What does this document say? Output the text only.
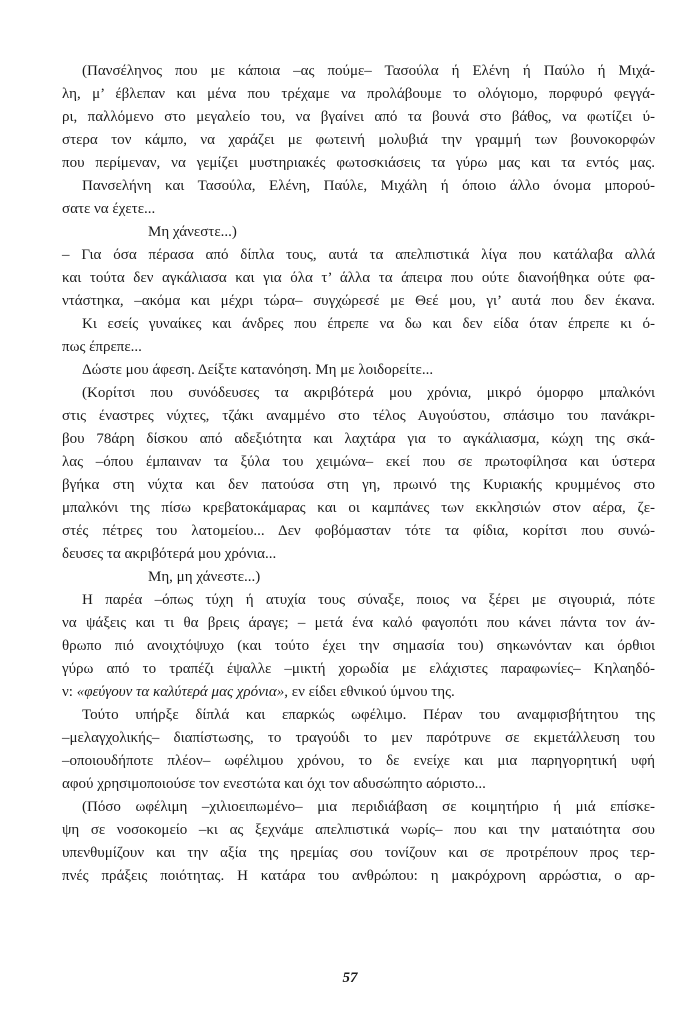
(Πανσέληνος που με κάποια –ας πούμε– Τασούλα ή Ελένη ή Παύλο ή Μιχά-
λη, μ’ έβλεπαν και μένα που τρέχαμε να προλάβουμε το ολόγιομο, πορφυρό φεγγά-
ρι, παλλόμενο στο μεγαλείο του, να βγαίνει από τα βουνά στο βάθος, να φωτίζει ύ-
στερα τον κάμπο, να χαράζει με φωτεινή μολυβιά την γραμμή των βουνοκορφών
που περίμεναν, να γεμίζει μυστηριακές φωτοσκιάσεις τα γύρω μας και τα εντός μας.
Πανσελήνη και Τασούλα, Ελένη, Παύλε, Μιχάλη ή όποιο άλλο όνομα μπορού-
σατε να έχετε...
Μη χάνεστε...)
– Για όσα πέρασα από δίπλα τους, αυτά τα απελπιστικά λίγα που κατάλαβα αλλά
και τούτα δεν αγκάλιασα και για όλα τ’ άλλα τα άπειρα που ούτε διανοήθηκα ούτε φα-
ντάστηκα, –ακόμα και μέχρι τώρα– συγχώρεσέ με Θεέ μου, γι’ αυτά που δεν έκανα.
Κι εσείς γυναίκες και άνδρες που έπρεπε να δω και δεν είδα όταν έπρεπε κι ό-
πως έπρεπε...
Δώστε μου άφεση. Δείξτε κατανόηση. Μη με λοιδορείτε...
(Κορίτσι που συνόδευσες τα ακριβότερά μου χρόνια, μικρό όμορφο μπαλκόνι
στις έναστρες νύχτες, τζάκι αναμμένο στο τέλος Αυγούστου, σπάσιμο του πανάκρι-
βου 78άρη δίσκου από αδεξιότητα και λαχτάρα για το αγκάλιασμα, κώχη της σκά-
λας –όπου έμπαιναν τα ξύλα του χειμώνα– εκεί που σε πρωτοφίλησα και ύστερα
βγήκα στη νύχτα και δεν πατούσα στη γη, πρωινό της Κυριακής κρυμμένος στο
μπαλκόνι της πίσω κρεβατοκάμαρας και οι καμπάνες των εκκλησιών στον αέρα, ζε-
στές πέτρες του λατομείου... Δεν φοβόμασταν τότε τα φίδια, κορίτσι που συνώ-
δευσες τα ακριβότερά μου χρόνια...
Μη, μη χάνεστε...)
Η παρέα –όπως τύχη ή ατυχία τους σύναξε, ποιος να ξέρει με σιγουριά, πότε
να ψάξεις και τι θα βρεις άραγε; – μετά ένα καλό φαγοπότι που κάνει πάντα τον άν-
θρωπο πιό ανοιχτόψυχο (και τούτο έχει την σημασία του) σηκωνόνταν και όρθιοι
γύρω από το τραπέζι έψαλλε –μικτή χορωδία με ελάχιστες παραφωνίες– Κηλαηδό-
ν: «φεύγουν τα καλύτερά μας χρόνια», εν είδει εθνικού ύμνου της.
Τούτο υπήρξε δίπλά και επαρκώς ωφέλιμο. Πέραν του αναμφισβήτητου της
–μελαγχολικής– διαπίστωσης, το τραγούδι το μεν παρότρυνε σε εκμετάλλευση του
–οποιουδήποτε πλέον– ωφέλιμου χρόνου, το δε ενείχε και μια παρηγορητική υφή
αφού χρησιμοποιούσε τον ενεστώτα και όχι τον αδυσώπητο αόριστο...
(Πόσο ωφέλιμη –χιλιοειπωμένο– μια περιδιάβαση σε κοιμητήριο ή μιά επίσκε-
ψη σε νοσοκομείο –κι ας ξεχνάμε απελπιστικά νωρίς– που και την ματαιότητα σου
υπενθυμίζουν και την αξία της ηρεμίας σου τονίζουν και σε προτρέπουν προς τερ-
πνές πράξεις ποιότητας. Η κατάρα του ανθρώπου: η μακρόχρονη αρρώστια, ο αρ-
57
